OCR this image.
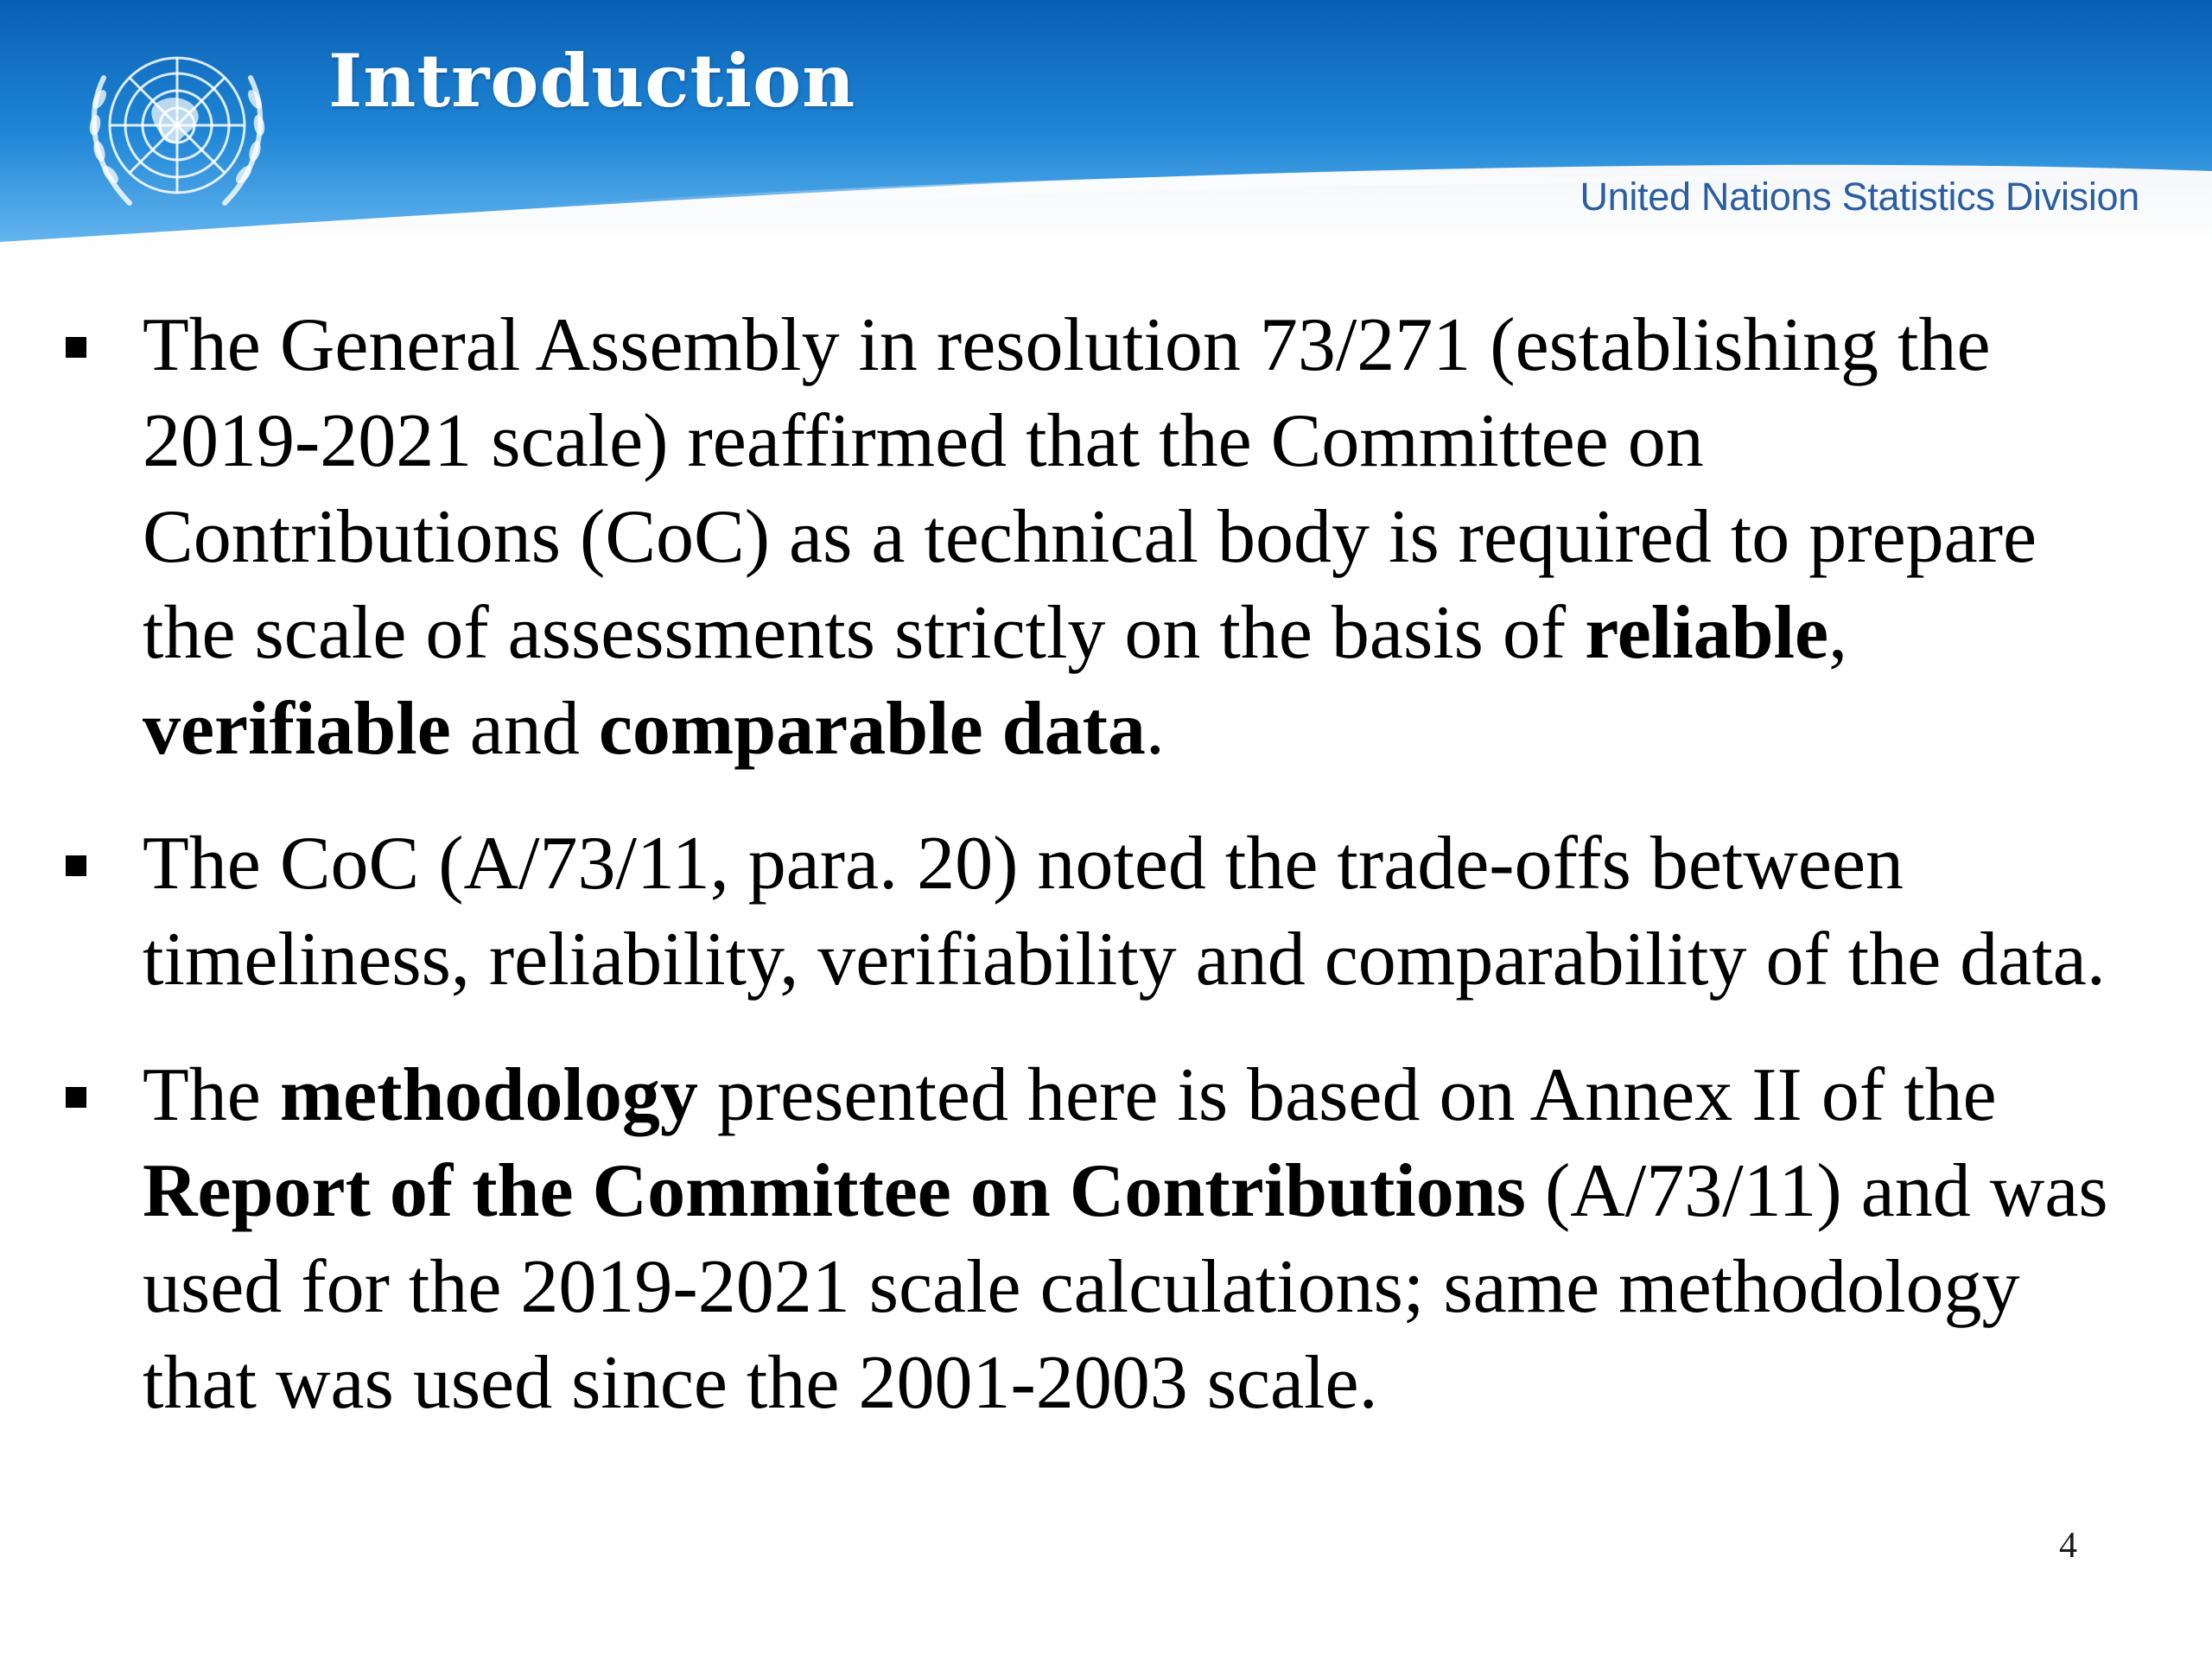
Introduction
United Nations Statistics Division

The General Assembly in resolution 73/271 (establishing the 2019-2021 scale) reaffirmed that the Committee on Contributions (CoC) as a technical body is required to prepare the scale of assessments strictly on the basis of reliable, verifiable and comparable data.

The CoC (A/73/11, para. 20) noted the trade-offs between timeliness, reliability, verifiability and comparability of the data.

The methodology presented here is based on Annex II of the Report of the Committee on Contributions (A/73/11) and was used for the 2019-2021 scale calculations; same methodology that was used since the 2001-2003 scale.

4
